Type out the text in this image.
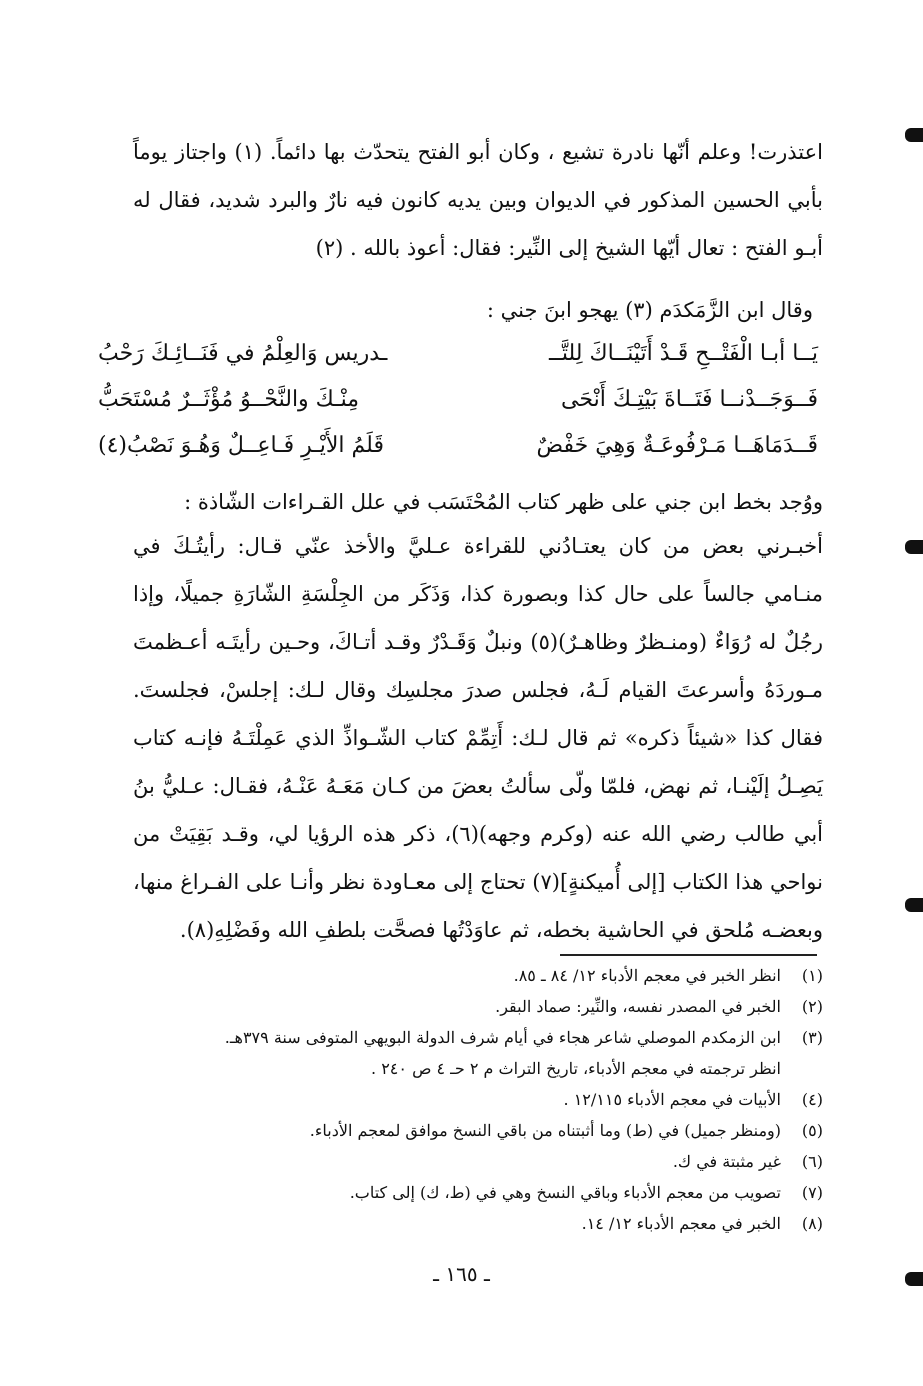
اعتذرت! وعلم أنّها نادرة تشيع ، وكان أبو الفتح يتحدّث بها دائماً. (١) واجتاز يوماً بأبي الحسين المذكور في الديوان وبين يديه كانون فيه نارٌ والبرد شديد، فقال له أبـو الفتح : تعال أيّها الشيخ إلى النِّير: فقال: أعوذ بالله . (٢)
وقال ابن الزَّمَكدَم (٣) يهجو ابنَ جني :
يَــا أبـا الْفَتْــحِ قَـدْ أَتَيْنَــاكَ لِلتَّــ
ـدريس وَالعِلْمُ في فَنَــائِـكَ رَحْبُ
فَــوَجَــدْنــا فَتَــاةَ بَيْتِـكَ أَنْحَى
مِنْـكَ والنَّحْــوُ مُؤْثَــرٌ مُسْتَحَبُّ
قَــدَمَاهَــا مَـرْفُوعَـةٌ وَهِيَ خَفْضٌ
قَلَمُ الأَيْـرِ فَـاعِــلٌ وَهُـوَ نَصْبُ(٤)
ووُجد بخط ابن جني على ظهر كتاب المُحْتَسَب في علل القـراءات الشّاذة :
أخبـرني بعض من كان يعتـادُني للقراءة عـليَّ والأخذ عنّي قـال: رأيتُـكَ في منـامي جالساً على حال كذا وبصورة كذا، وَذَكَر من الجِلْسَةِ الشّارَةِ جميلًا، وإذا رجُلٌ له رُوَاءٌ (ومنـظرٌ وظاهـرٌ)(٥) ونبلٌ وَقَـدْرٌ وقـد أتـاكَ، وحـين رأيتَـه أعـظمتَ مـوردَهُ وأسرعتَ القيام لَـهُ، فجلس صدرَ مجلسِك وقال لـك: إجلسْ، فجلستَ. فقال كذا «شيئاً ذكره» ثم قال لـك: أَتِمِّمْ كتاب الشّـواذِّ الذي عَمِلْتَـهُ فإنـه كتاب يَصِـلُ إلَيْنـا، ثم نهض، فلمّا ولّى سألتُ بعضَ من كـان مَعَـهُ عَنْـهُ، فقـال: عـليُّ بنُ أبي طالب رضي الله عنه (وكرم وجهه)(٦)، ذكر هذه الرؤيا لي، وقـد بَقِيَتْ من نواحي هذا الكتاب [إلى أُميكنةٍ](٧) تحتاج إلى معـاودة نظر وأنـا على الفـراغ منها، وبعضـه مُلحق في الحاشية بخطه، ثم عاوَدْتُها فصحَّت بلطفِ الله وفَضْلِهِ(٨).
(١)
انظر الخبر في معجم الأدباء ١٢/ ٨٤ ـ ٨٥.
(٢)
الخبر في المصدر نفسه، والنِّير: صماد البقر.
(٣)
ابن الزمكدم الموصلي شاعر هجاء في أيام شرف الدولة البويهي المتوفى سنة ٣٧٩هـ.
انظر ترجمته في معجم الأدباء، تاريخ التراث م ٢ حـ ٤ ص ٢٤٠ .
(٤)
الأبيات في معجم الأدباء ١٢/١١٥ .
(٥)
(ومنظر جميل) في (ط) وما أثبتناه من باقي النسخ موافق لمعجم الأدباء.
(٦)
غير مثبتة في ك.
(٧)
تصويب من معجم الأدباء وباقي النسخ وهي في (ط، ك) إلى كتاب.
(٨)
الخبر في معجم الأدباء ١٢/ ١٤.
ـ ١٦٥ ـ
